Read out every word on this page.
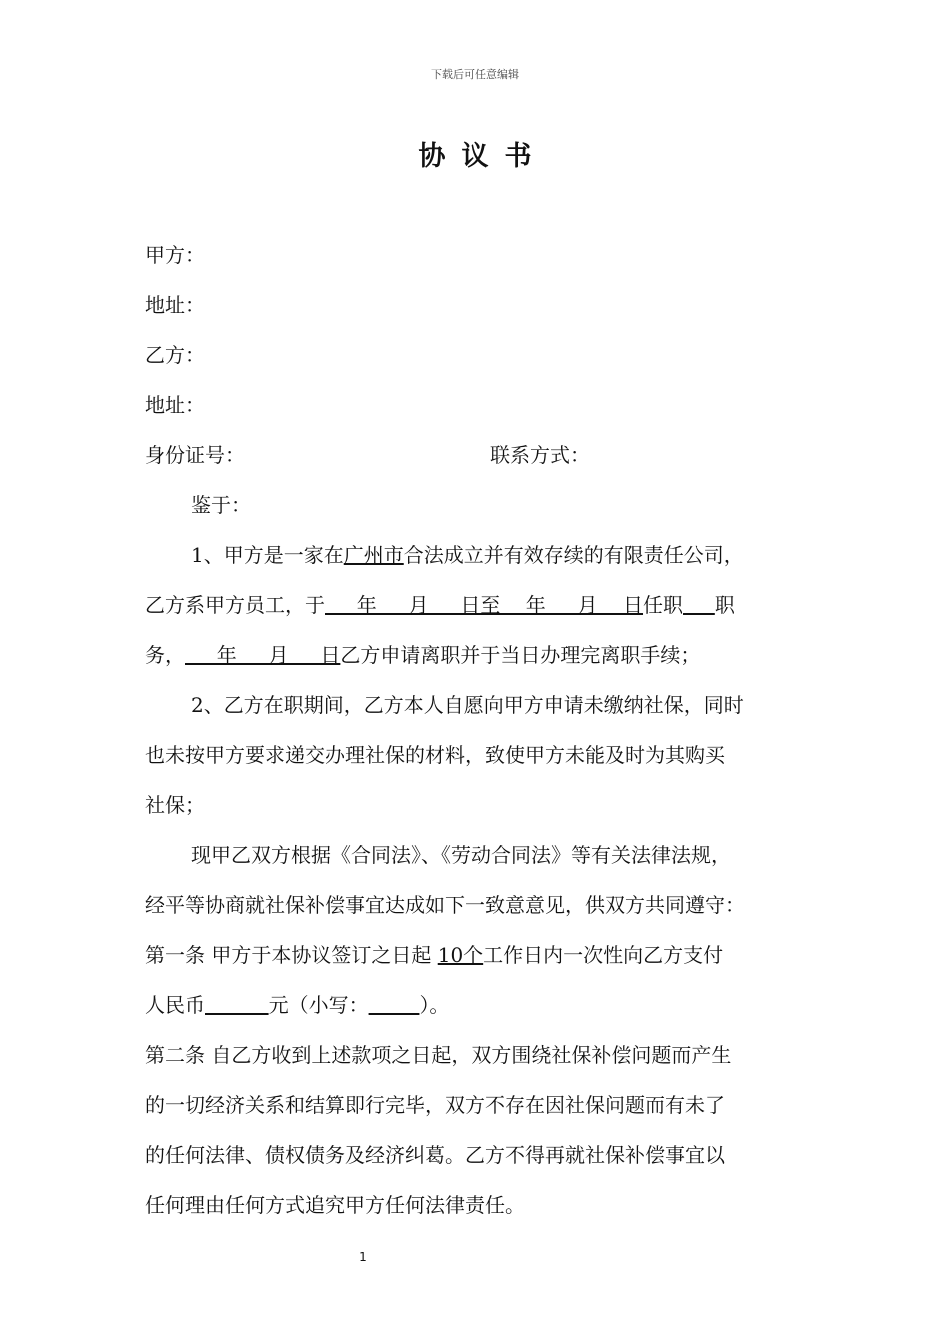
下载后可任意编辑
协议书
甲方：
地址：
乙方：
地址：
身份证号：	联系方式：
鉴于：
1、甲方是一家在广州市合法成立并有效存续的有限责任公司，
乙方系甲方员工，于     年     月     日至    年     月    日任职 职
务，     年     月     日乙方申请离职并于当日办理完离职手续；
2、乙方在职期间，乙方本人自愿向甲方申请未缴纳社保，同时
也未按甲方要求递交办理社保的材料，致使甲方未能及时为其购买
社保；
现甲乙双方根据《合同法》、《劳动合同法》等有关法律法规，
经平等协商就社保补偿事宜达成如下一致意意见，供双方共同遵守：
第一条 甲方于本协议签订之日起 10个工作日内一次性向乙方支付
人民币	元（小写：	）。
第二条 自乙方收到上述款项之日起，双方围绕社保补偿问题而产生
的一切经济关系和结算即行完毕，双方不存在因社保问题而有未了
的任何法律、债权债务及经济纠葛。乙方不得再就社保补偿事宜以
任何理由任何方式追究甲方任何法律责任。
1
